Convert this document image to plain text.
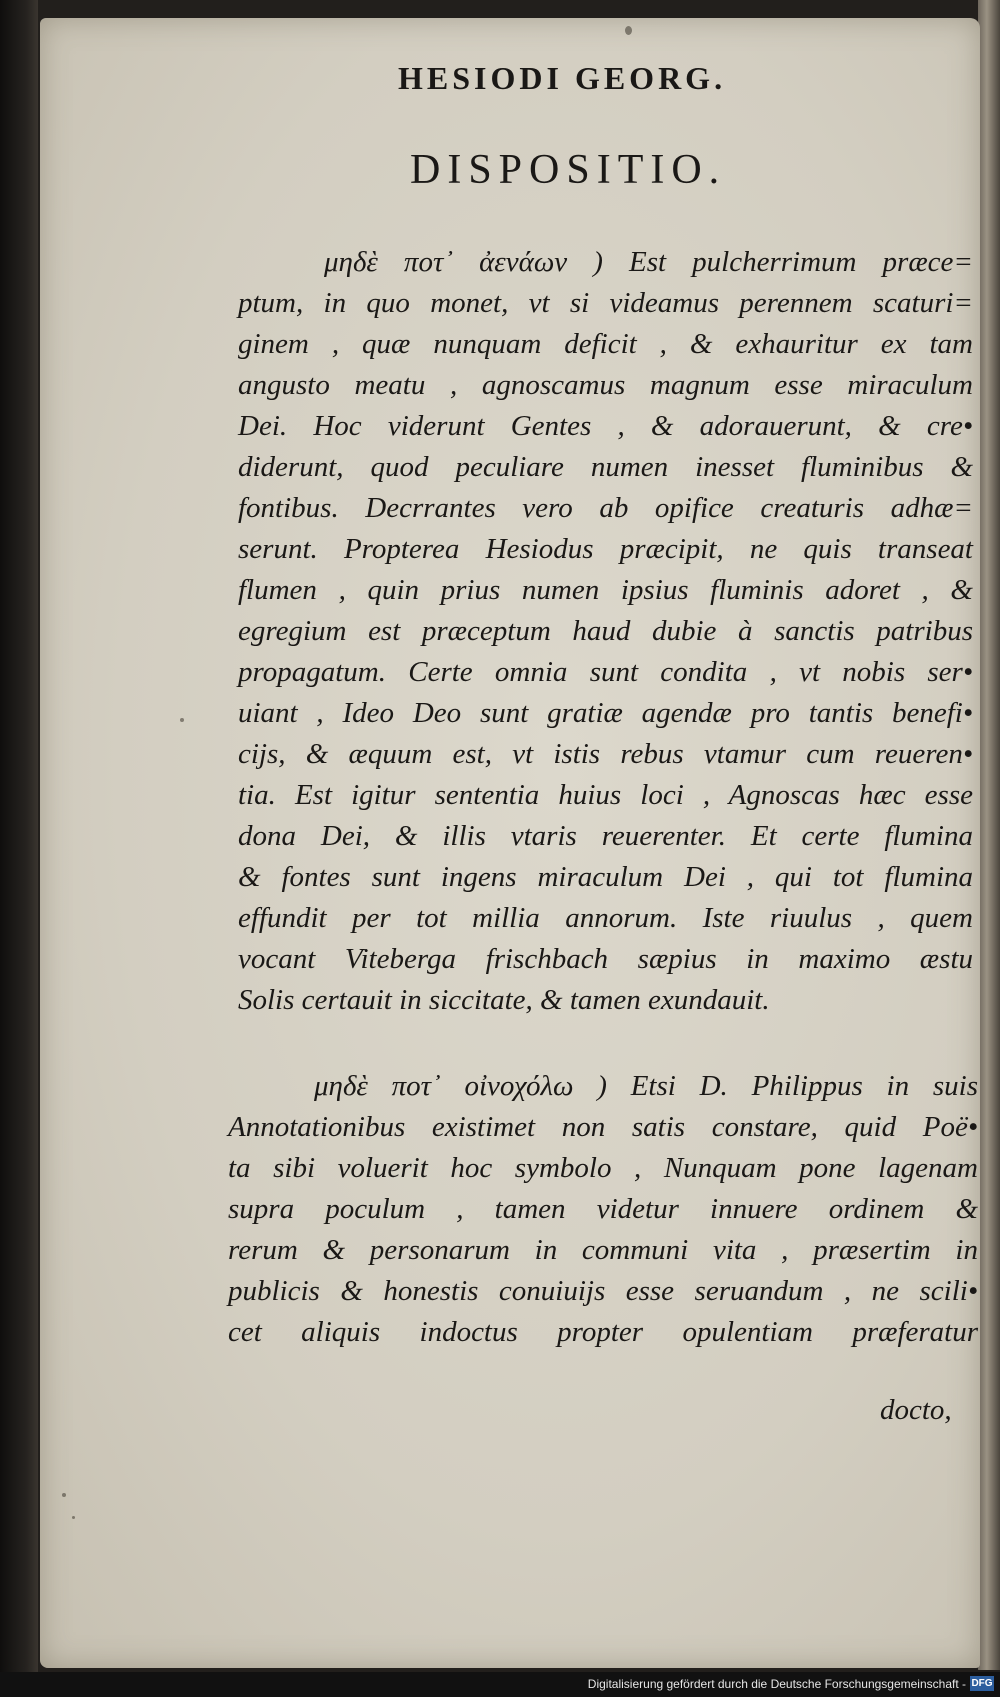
HESIODI GEORG.
DISPOSITIO.
μηδὲ ποτ᾽ ἀενάων ) Est pulcherrimum præce=
ptum, in quo monet, vt si videamus perennem scaturi=
ginem , quæ nunquam deficit , & exhauritur ex tam
angusto meatu , agnoscamus magnum esse miraculum
Dei. Hoc viderunt Gentes , & adorauerunt, & cre•
diderunt, quod peculiare numen inesset fluminibus &
fontibus. Decrrantes vero ab opifice creaturis adhæ=
serunt. Propterea Hesiodus præcipit, ne quis transeat
flumen , quin prius numen ipsius fluminis adoret , &
egregium est præceptum haud dubie à sanctis patribus
propagatum. Certe omnia sunt condita , vt nobis ser•
uiant , Ideo Deo sunt gratiæ agendæ pro tantis benefi•
cijs, & æquum est, vt istis rebus vtamur cum reueren•
tia. Est igitur sententia huius loci , Agnoscas hæc esse
dona Dei, & illis vtaris reuerenter. Et certe flumina
& fontes sunt ingens miraculum Dei , qui tot flumina
effundit per tot millia annorum. Iste riuulus , quem
vocant Viteberga frischbach sæpius in maximo æstu
Solis certauit in siccitate, & tamen exundauit.
μηδὲ ποτ᾽ οἰνοχόλω ) Etsi D. Philippus in suis
Annotationibus existimet non satis constare, quid Poë•
ta sibi voluerit hoc symbolo , Nunquam pone lagenam
supra poculum , tamen videtur innuere ordinem &
rerum & personarum in communi vita , præsertim in
publicis & honestis conuiuijs esse seruandum , ne scili•
cet aliquis indoctus propter opulentiam præferatur
docto,
Digitalisierung gefördert durch die Deutsche Forschungsgemeinschaft - DFG
